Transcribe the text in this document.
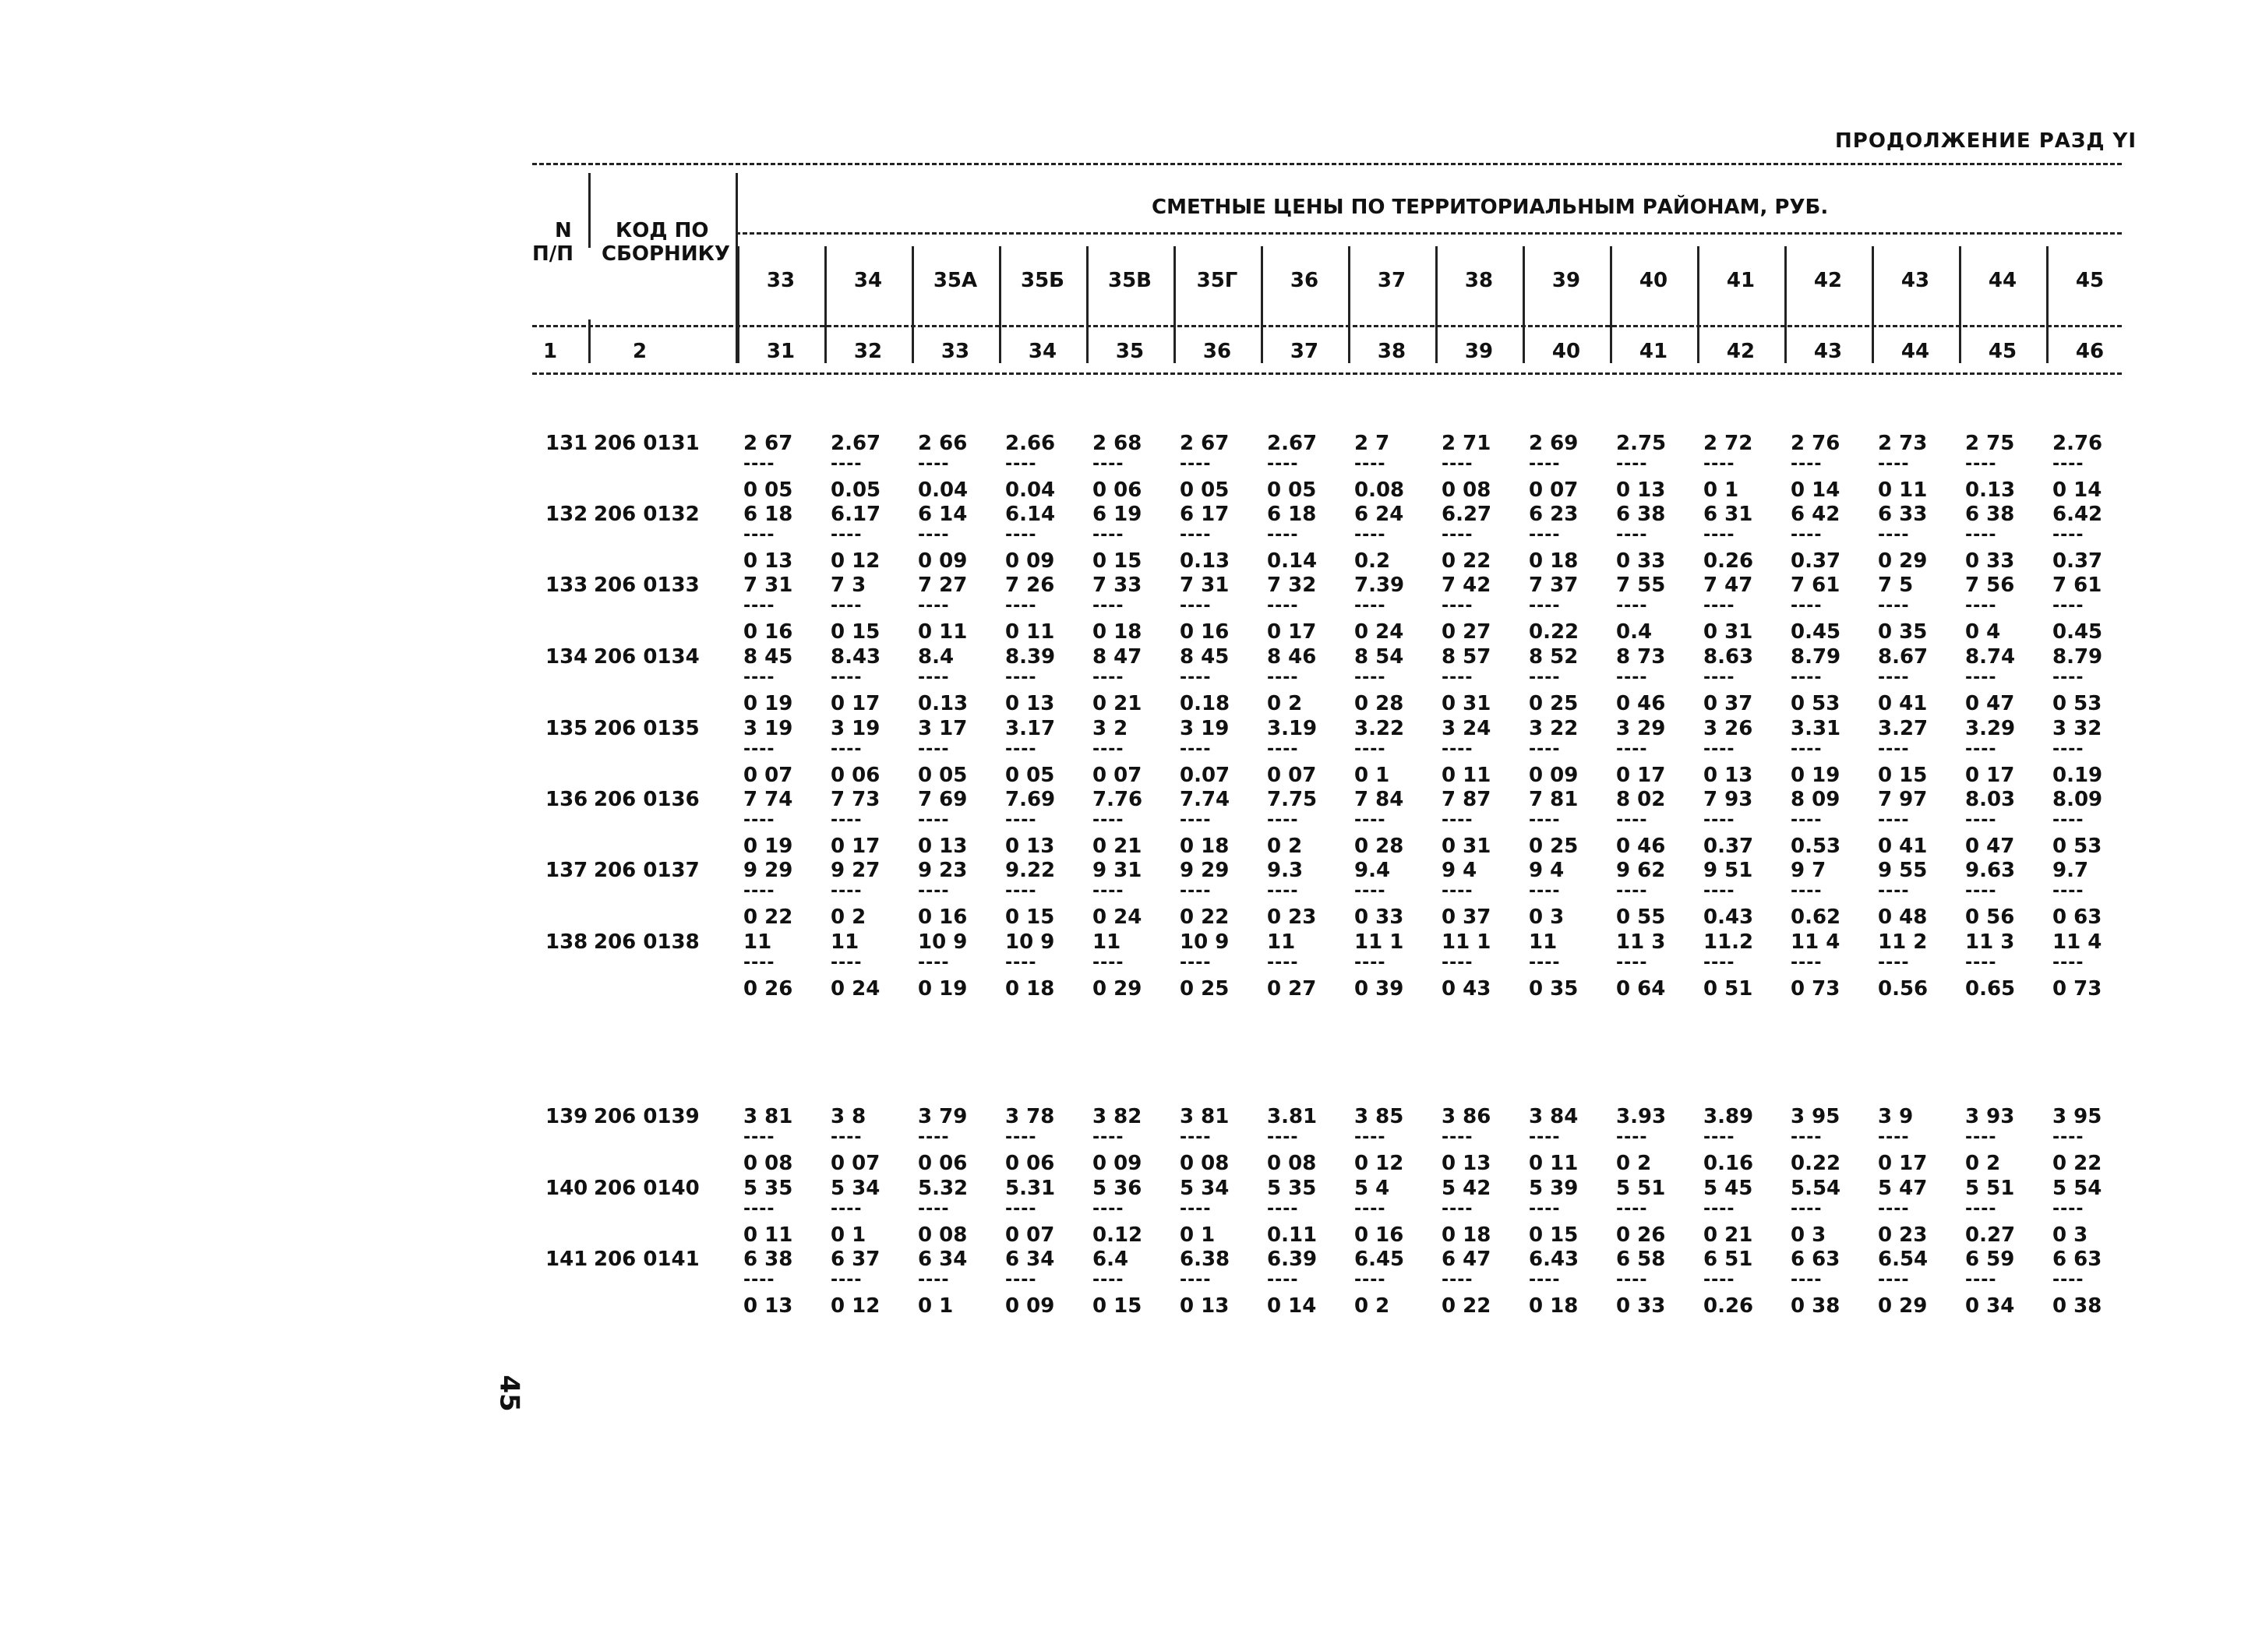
ПРОДОЛЖЕНИЕ РАЗД YI
N
П/П
КОД ПО
СБОРНИКУ
СМЕТНЫЕ ЦЕНЫ ПО ТЕРРИТОРИАЛЬНЫМ РАЙОНАМ, РУБ.
33
31
34
32
35А
33
35Б
34
35В
35
35Г
36
36
37
37
38
38
39
39
40
40
41
41
42
42
43
43
44
44
45
45
46
1	2
131 206 0131 2 67
----
0 05
2.67
----
0.05
2 66
----
0.04
2.66
----
0.04
2 68
----
0 06
2 67
----
0 05
2.67
----
0 05
2 7
----
0.08
2 71
----
0 08
2 69
----
0 07
2.75
----
0 13
2 72
----
0 1
2 76
----
0 14
2 73
----
0 11
2 75
----
0.13
2.76
----
0 14
132 206 0132 6 18
----
0 13
6.17
----
0 12
6 14
----
0 09
6.14
----
0 09
6 19
----
0 15
6 17
----
0.13
6 18
----
0.14
6 24
----
0.2
6.27
----
0 22
6 23
----
0 18
6 38
----
0 33
6 31
----
0.26
6 42
----
0.37
6 33
----
0 29
6 38
----
0 33
6.42
----
0.37
133 206 0133 7 31
----
0 16
7 3
----
0 15
7 27
----
0 11
7 26
----
0 11
7 33
----
0 18
7 31
----
0 16
7 32
----
0 17
7.39
----
0 24
7 42
----
0 27
7 37
----
0.22
7 55
----
0.4
7 47
----
0 31
7 61
----
0.45
7 5
----
0 35
7 56
----
0 4
7 61
----
0.45
134 206 0134 8 45
----
0 19
8.43
----
0 17
8.4
----
0.13
8.39
----
0 13
8 47
----
0 21
8 45
----
0.18
8 46
----
0 2
8 54
----
0 28
8 57
----
0 31
8 52
----
0 25
8 73
----
0 46
8.63
----
0 37
8.79
----
0 53
8.67
----
0 41
8.74
----
0 47
8.79
----
0 53
135 206 0135 3 19
----
0 07
3 19
----
0 06
3 17
----
0 05
3.17
----
0 05
3 2
----
0 07
3 19
----
0.07
3.19
----
0 07
3.22
----
0 1
3 24
----
0 11
3 22
----
0 09
3 29
----
0 17
3 26
----
0 13
3.31
----
0 19
3.27
----
0 15
3.29
----
0 17
3 32
----
0.19
136 206 0136 7 74
----
0 19
7 73
----
0 17
7 69
----
0 13
7.69
----
0 13
7.76
----
0 21
7.74
----
0 18
7.75
----
0 2
7 84
----
0 28
7 87
----
0 31
7 81
----
0 25
8 02
----
0 46
7 93
----
0.37
8 09
----
0.53
7 97
----
0 41
8.03
----
0 47
8.09
----
0 53
137 206 0137 9 29
----
0 22
9 27
----
0 2
9 23
----
0 16
9.22
----
0 15
9 31
----
0 24
9 29
----
0 22
9.3
----
0 23
9.4
----
0 33
9 4
----
0 37
9 4
----
0 3
9 62
----
0 55
9 51
----
0.43
9 7
----
0.62
9 55
----
0 48
9.63
----
0 56
9.7
----
0 63
138 206 0138 11
----
0 26
11
----
0 24
10 9
----
0 19
10 9
----
0 18
11
----
0 29
10 9
----
0 25
11
----
0 27
11 1
----
0 39
11 1
----
0 43
11
----
0 35
11 3
----
0 64
11.2
----
0 51
11 4
----
0 73
11 2
----
0.56
11 3
----
0.65
11 4
----
0 73
139 206 0139 3 81
----
0 08
3 8
----
0 07
3 79
----
0 06
3 78
----
0 06
3 82
----
0 09
3 81
----
0 08
3.81
----
0 08
3 85
----
0 12
3 86
----
0 13
3 84
----
0 11
3.93
----
0 2
3.89
----
0.16
3 95
----
0.22
3 9
----
0 17
3 93
----
0 2
3 95
----
0 22
140 206 0140 5 35
----
0 11
5 34
----
0 1
5.32
----
0 08
5.31
----
0 07
5 36
----
0.12
5 34
----
0 1
5 35
----
0.11
5 4
----
0 16
5 42
----
0 18
5 39
----
0 15
5 51
----
0 26
5 45
----
0 21
5.54
----
0 3
5 47
----
0 23
5 51
----
0.27
5 54
----
0 3
141 206 0141 6 38
----
0 13
6 37
----
0 12
6 34
----
0 1
6 34
----
0 09
6.4
----
0 15
6.38
----
0 13
6.39
----
0 14
6.45
----
0 2
6 47
----
0 22
6.43
----
0 18
6 58
----
0 33
6 51
----
0.26
6 63
----
0 38
6.54
----
0 29
6 59
----
0 34
6 63
----
0 38
45
